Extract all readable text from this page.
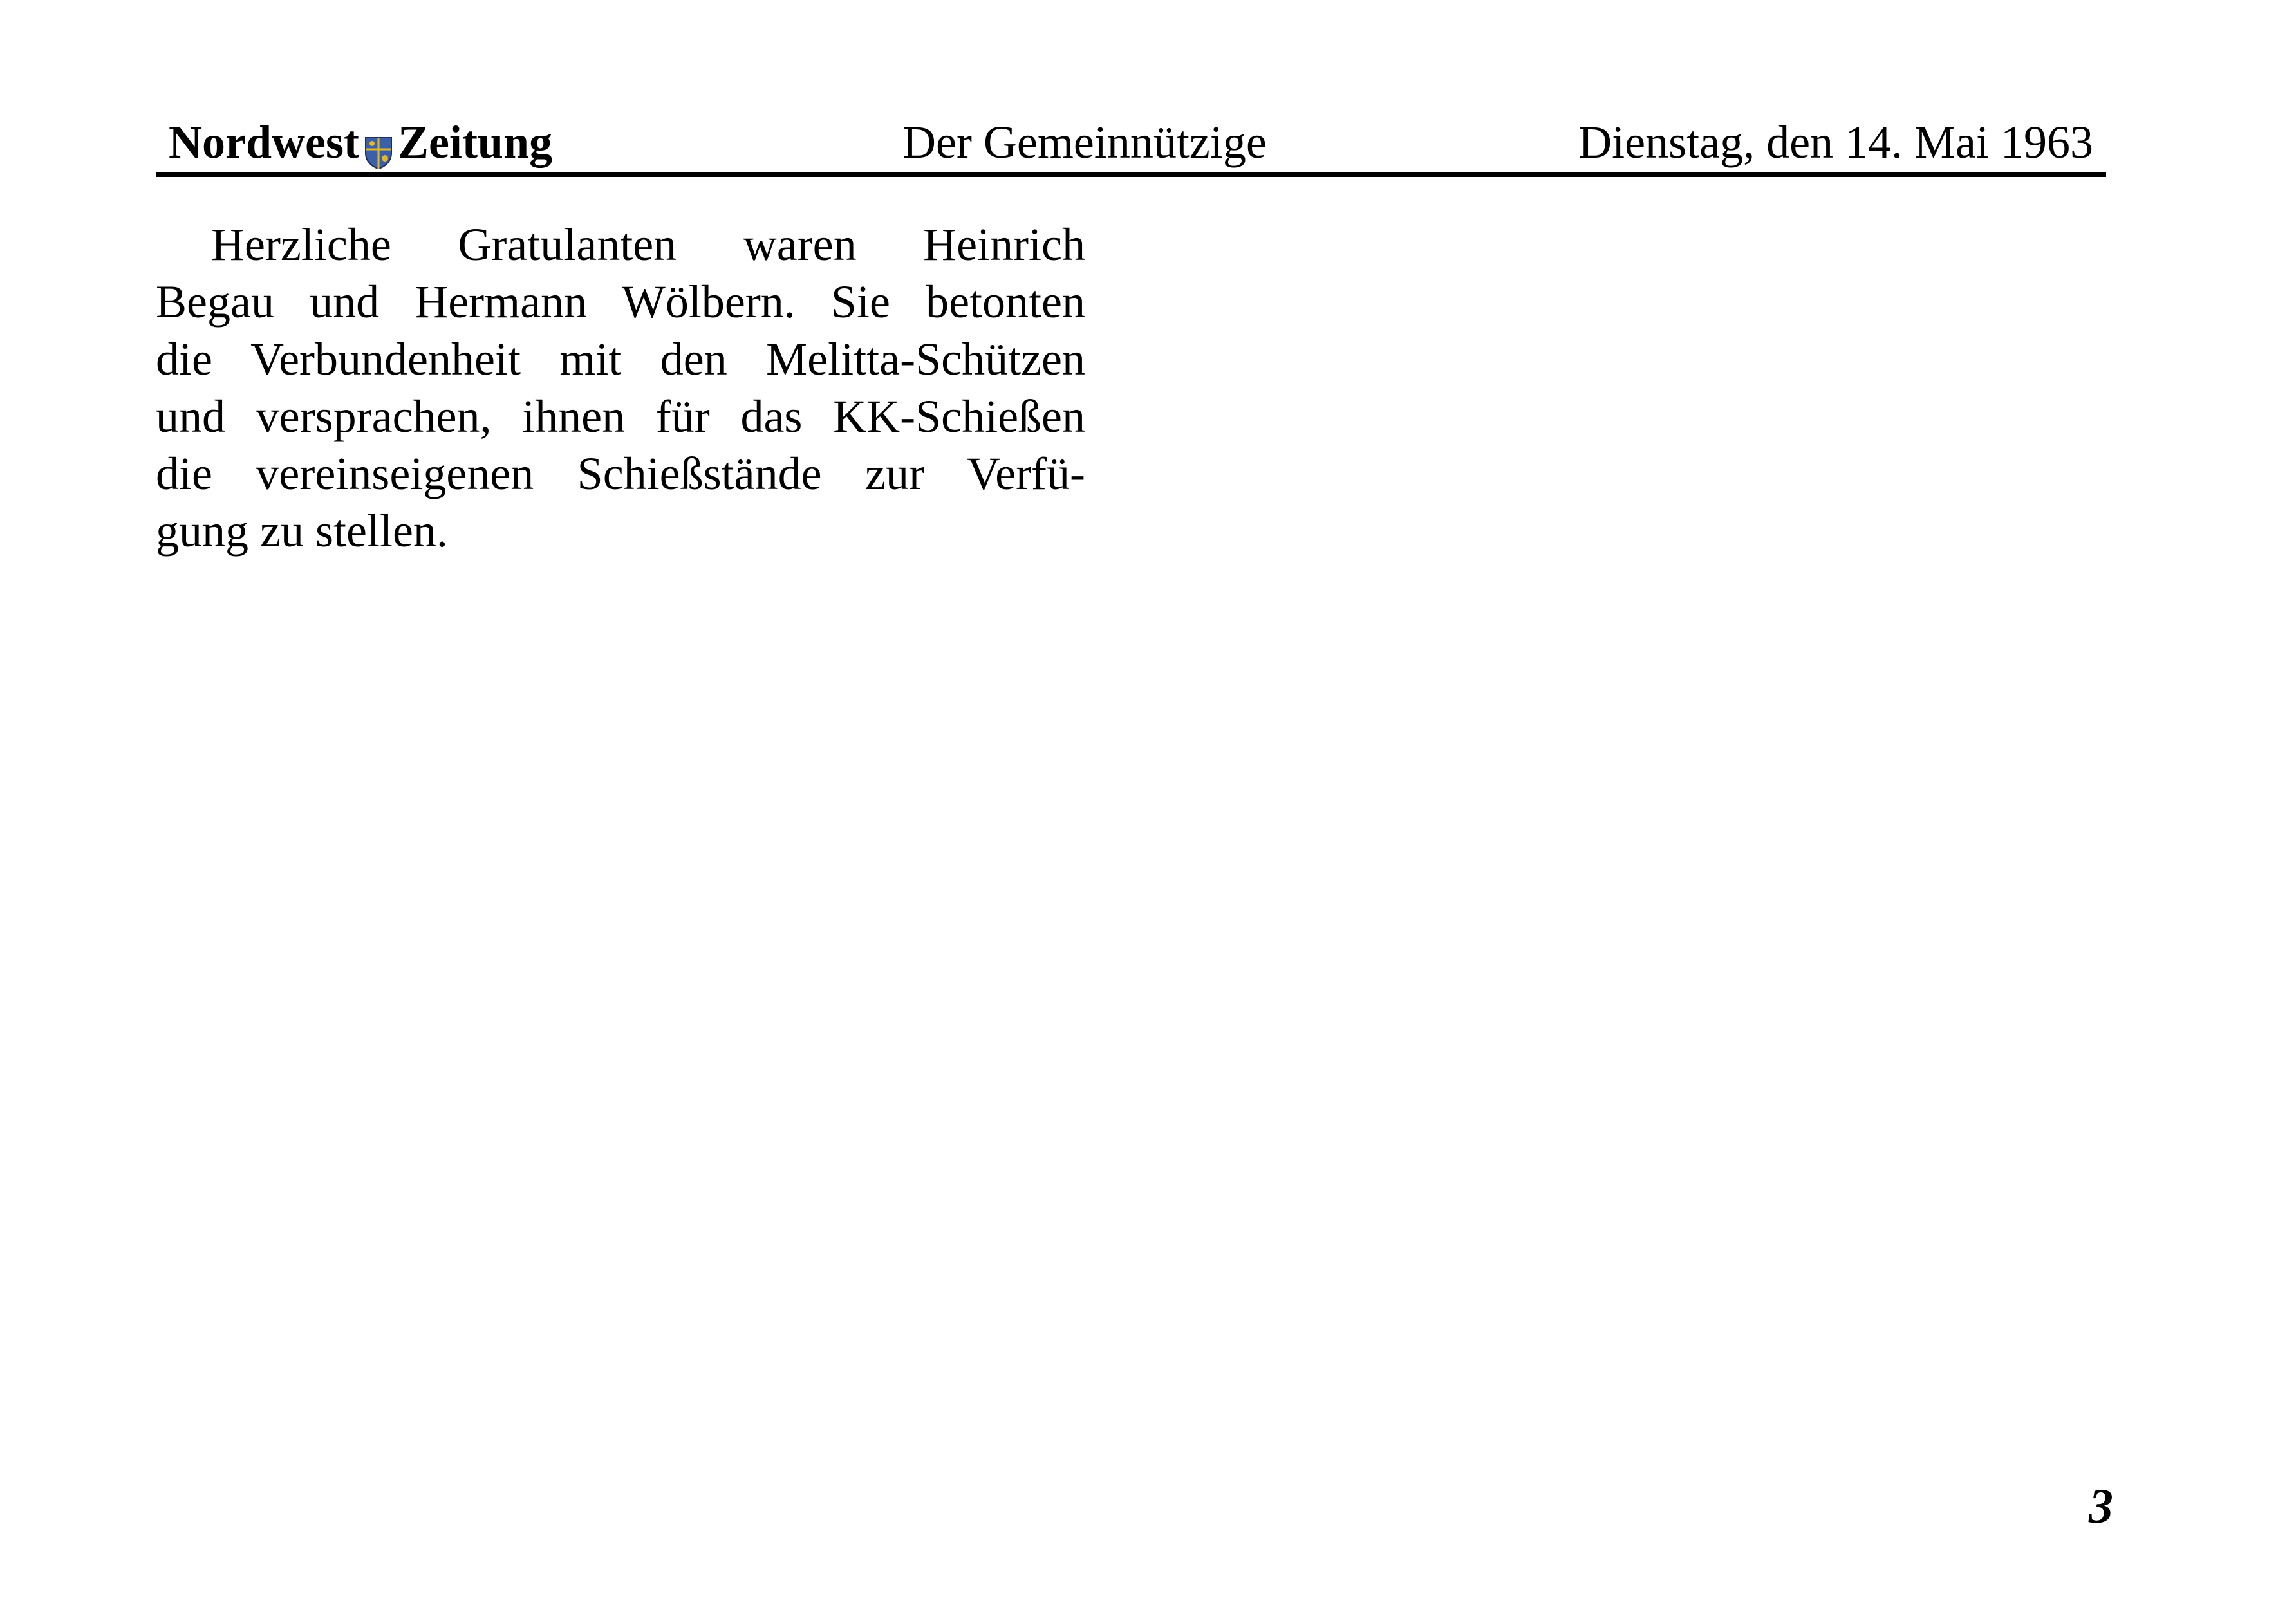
Nordwest Zeitung	Der Gemeinnützige	Dienstag, den 14. Mai 1963
Herzliche Gratulanten waren Heinrich
Begau und Hermann Wölbern. Sie betonten
die Verbundenheit mit den Melitta-Schützen
und versprachen, ihnen für das KK-Schießen
die vereinseigenen Schießstände zur Verfü-
gung zu stellen.
3
